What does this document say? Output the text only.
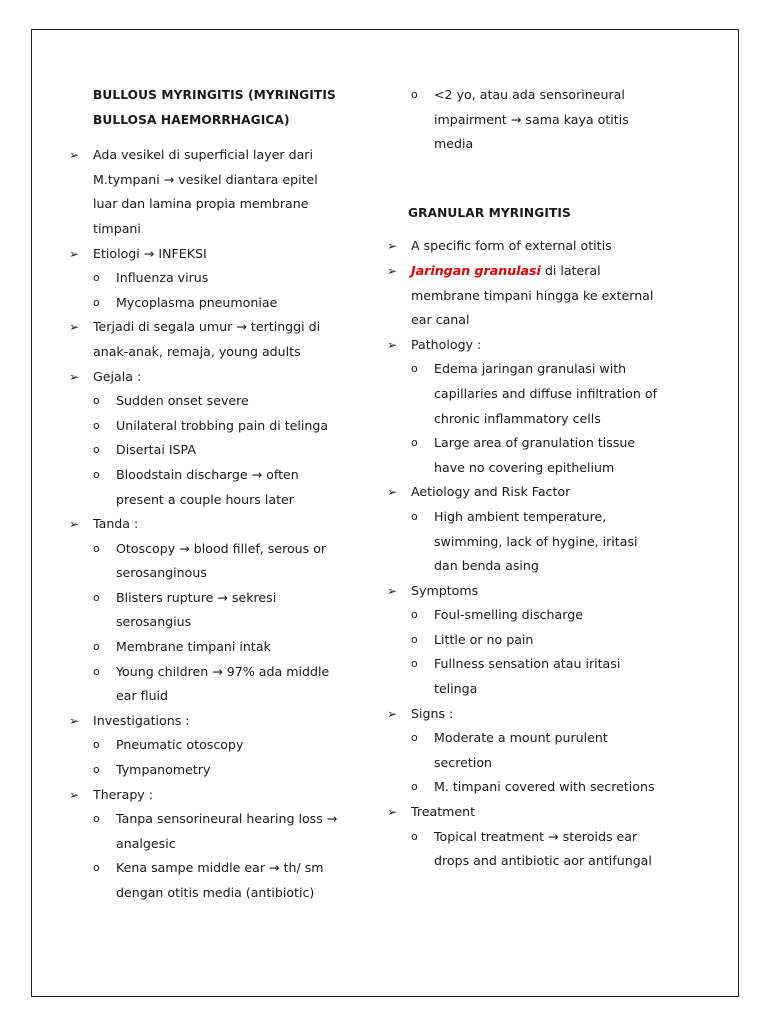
BULLOUS MYRINGITIS (MYRINGITIS
BULLOSA HAEMORRHAGICA)
➢ Ada vesikel di superficial layer dari
M.tympani → vesikel diantara epitel
luar dan lamina propia membrane
timpani
➢ Etiologi → INFEKSI
o Influenza virus
o Mycoplasma pneumoniae
➢ Terjadi di segala umur → tertinggi di
anak-anak, remaja, young adults
➢ Gejala :
o Sudden onset severe
o Unilateral trobbing pain di telinga
o Disertai ISPA
o Bloodstain discharge → often
present a couple hours later
➢ Tanda :
o Otoscopy → blood fillef, serous or
serosanginous
o Blisters rupture → sekresi
serosangius
o Membrane timpani intak
o Young children → 97% ada middle
ear fluid
➢ Investigations :
o Pneumatic otoscopy
o Tympanometry
➢ Therapy :
o Tanpa sensorineural hearing loss →
analgesic
o Kena sampe middle ear → th/ sm
dengan otitis media (antibiotic)
o <2 yo, atau ada sensorineural
impairment → sama kaya otitis
media
GRANULAR MYRINGITIS
➢ A specific form of external otitis
➢ Jaringan granulasi di lateral
membrane timpani hingga ke external
ear canal
➢ Pathology :
o Edema jaringan granulasi with
capillaries and diffuse infiltration of
chronic inflammatory cells
o Large area of granulation tissue
have no covering epithelium
➢ Aetiology and Risk Factor
o High ambient temperature,
swimming, lack of hygine, iritasi
dan benda asing
➢ Symptoms
o Foul-smelling discharge
o Little or no pain
o Fullness sensation atau iritasi
telinga
➢ Signs :
o Moderate a mount purulent
secretion
o M. timpani covered with secretions
➢ Treatment
o Topical treatment → steroids ear
drops and antibiotic aor antifungal
